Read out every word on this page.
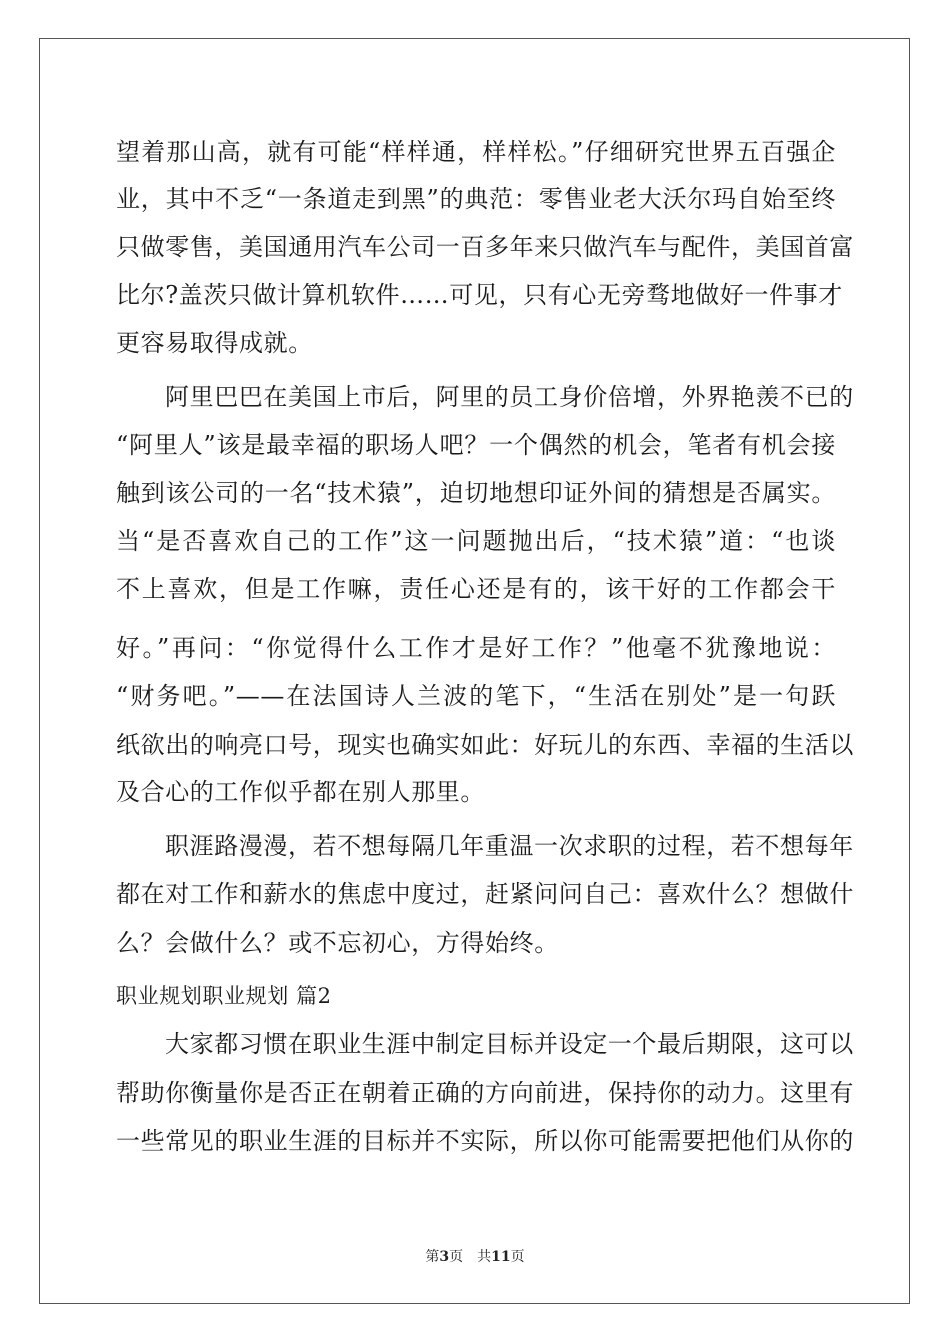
望着那山高，就有可能“样样通，样样松。”仔细研究世界五百强企
业，其中不乏“一条道走到黑”的典范：零售业老大沃尔玛自始至终
只做零售，美国通用汽车公司一百多年来只做汽车与配件，美国首富
比尔?盖茨只做计算机软件……可见，只有心无旁骛地做好一件事才
更容易取得成就。
阿里巴巴在美国上市后，阿里的员工身价倍增，外界艳羡不已的
“阿里人”该是最幸福的职场人吧？一个偶然的机会，笔者有机会接
触到该公司的一名“技术猿”，迫切地想印证外间的猜想是否属实。
当“是否喜欢自己的工作”这一问题抛出后，“技术猿”道：“也谈
不上喜欢，但是工作嘛，责任心还是有的，该干好的工作都会干
好。”再问：“你觉得什么工作才是好工作？”他毫不犹豫地说：
“财务吧。”——在法国诗人兰波的笔下，“生活在别处”是一句跃
纸欲出的响亮口号，现实也确实如此：好玩儿的东西、幸福的生活以
及合心的工作似乎都在别人那里。
职涯路漫漫，若不想每隔几年重温一次求职的过程，若不想每年
都在对工作和薪水的焦虑中度过，赶紧问问自己：喜欢什么？想做什
么？会做什么？或不忘初心，方得始终。
职业规划职业规划 篇2
大家都习惯在职业生涯中制定目标并设定一个最后期限，这可以
帮助你衡量你是否正在朝着正确的方向前进，保持你的动力。这里有
一些常见的职业生涯的目标并不实际，所以你可能需要把他们从你的
第3页 共11页
